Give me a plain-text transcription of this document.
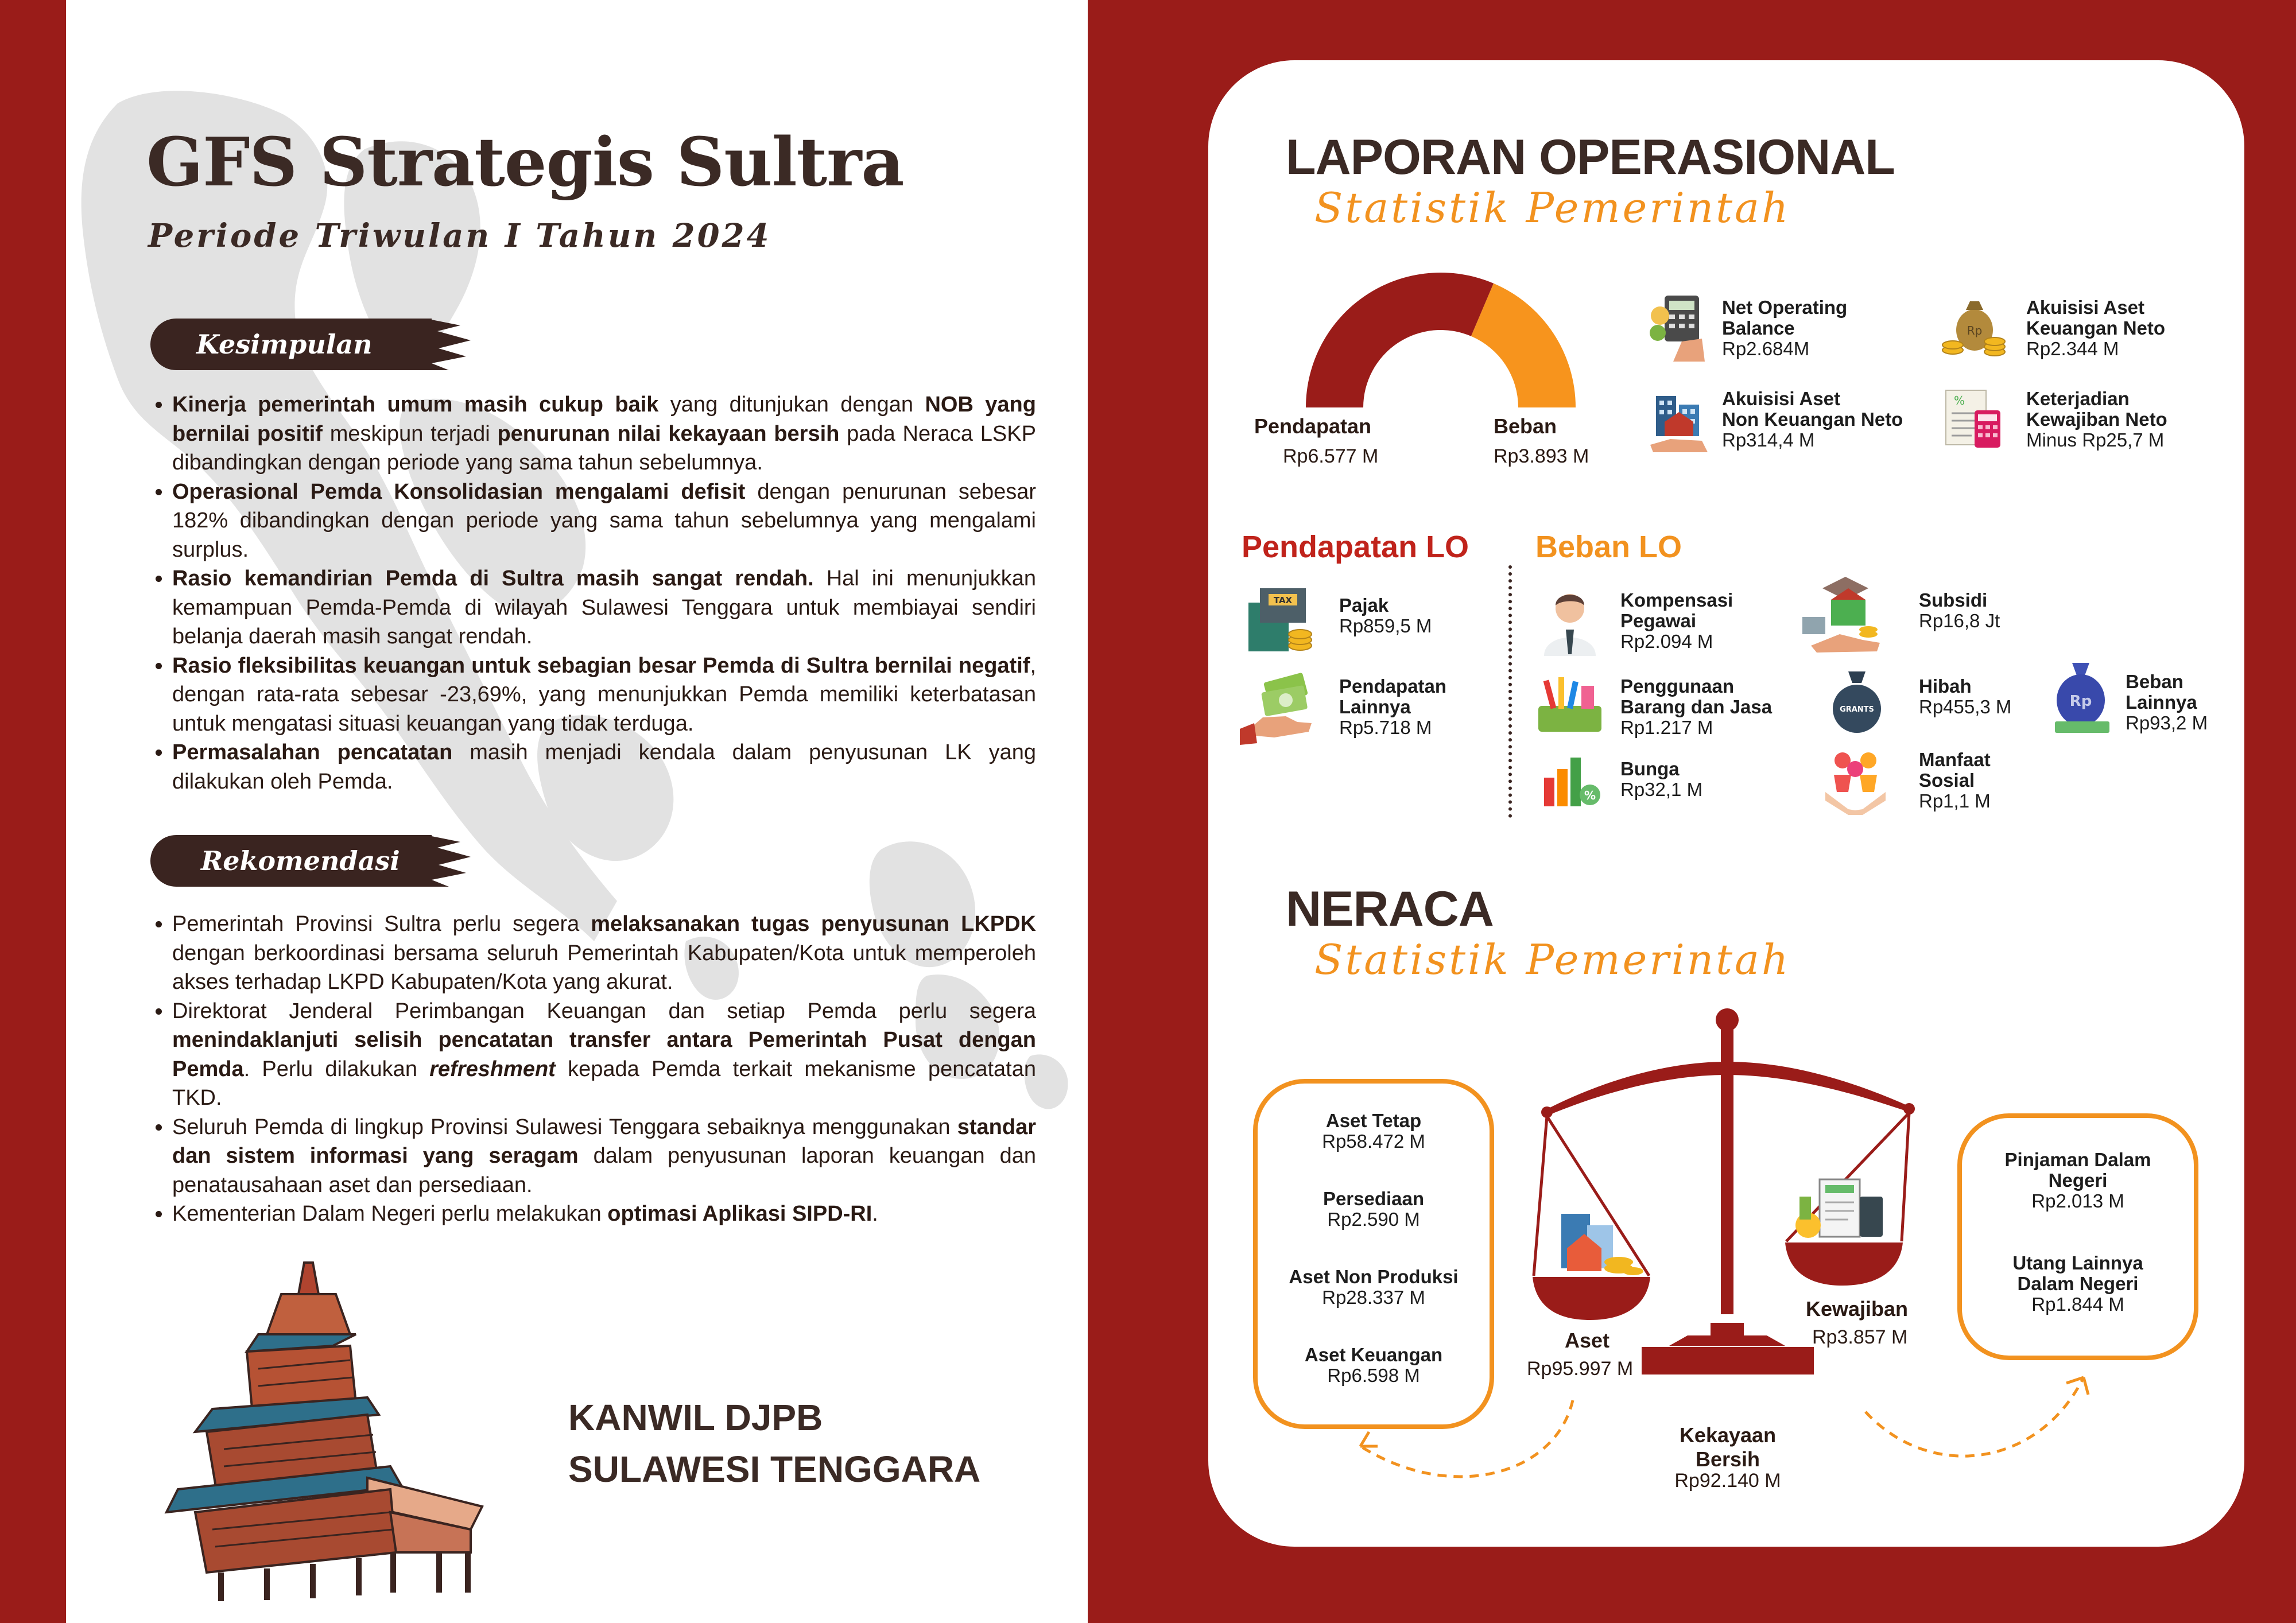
GFS Strategis Sultra
Periode Triwulan I Tahun 2024
Kesimpulan
• Kinerja pemerintah umum masih cukup baik yang ditunjukan dengan NOB yang bernilai positif meskipun terjadi penurunan nilai kekayaan bersih pada Neraca LSKP dibandingkan dengan periode yang sama tahun sebelumnya.
• Operasional Pemda Konsolidasian mengalami defisit dengan penurunan sebesar 182% dibandingkan dengan periode yang sama tahun sebelumnya yang mengalami surplus.
• Rasio kemandirian Pemda di Sultra masih sangat rendah. Hal ini menunjukkan kemampuan Pemda-Pemda di wilayah Sulawesi Tenggara untuk membiayai sendiri belanja daerah masih sangat rendah.
• Rasio fleksibilitas keuangan untuk sebagian besar Pemda di Sultra bernilai negatif, dengan rata-rata sebesar -23,69%, yang menunjukkan Pemda memiliki keterbatasan untuk mengatasi situasi keuangan yang tidak terduga.
• Permasalahan pencatatan masih menjadi kendala dalam penyusunan LK yang dilakukan oleh Pemda.
Rekomendasi
• Pemerintah Provinsi Sultra perlu segera melaksanakan tugas penyusunan LKPDK dengan berkoordinasi bersama seluruh Pemerintah Kabupaten/Kota untuk memperoleh akses terhadap LKPD Kabupaten/Kota yang akurat.
• Direktorat Jenderal Perimbangan Keuangan dan setiap Pemda perlu segera menindaklanjuti selisih pencatatan transfer antara Pemerintah Pusat dengan Pemda. Perlu dilakukan refreshment kepada Pemda terkait mekanisme pencatatan TKD.
• Seluruh Pemda di lingkup Provinsi Sulawesi Tenggara sebaiknya menggunakan standar dan sistem informasi yang seragam dalam penyusunan laporan keuangan dan penatausahaan aset dan persediaan.
• Kementerian Dalam Negeri perlu melakukan optimasi Aplikasi SIPD-RI.
KANWIL DJPB
SULAWESI TENGGARA
LAPORAN OPERASIONAL
Statistik Pemerintah
Pendapatan
Rp6.577 M
Beban
Rp3.893 M
Net Operating
Balance
Rp2.684M
Rp
Akuisisi Aset
Keuangan Neto
Rp2.344 M
Akuisisi Aset
Non Keuangan Neto
Rp314,4 M
%	Keterjadian
Kewajiban Neto
Minus Rp25,7 M
Pendapatan LO Beban LO
TAX Pajak
Rp859,5 M
Pendapatan
Lainnya
Rp5.718 M
Kompensasi
Pegawai
Rp2.094 M
Penggunaan
Barang dan Jasa
Rp1.217 M
%
Bunga
Rp32,1 M
Subsidi
Rp16,8 Jt
GRANTS
Hibah
Rp455,3 M
Manfaat
Sosial
Rp1,1 M
Rp
Beban
Lainnya
Rp93,2 M
NERACA
Statistik Pemerintah
Aset Tetap
Rp58.472 M
Persediaan
Rp2.590 M
Aset Non Produksi
Rp28.337 M
Aset Keuangan
Rp6.598 M
Pinjaman Dalam
Negeri
Rp2.013 M
Utang Lainnya
Dalam Negeri
Rp1.844 M
Aset
Rp95.997 M
Kewajiban
Rp3.857 M
Kekayaan
Bersih
Rp92.140 M
